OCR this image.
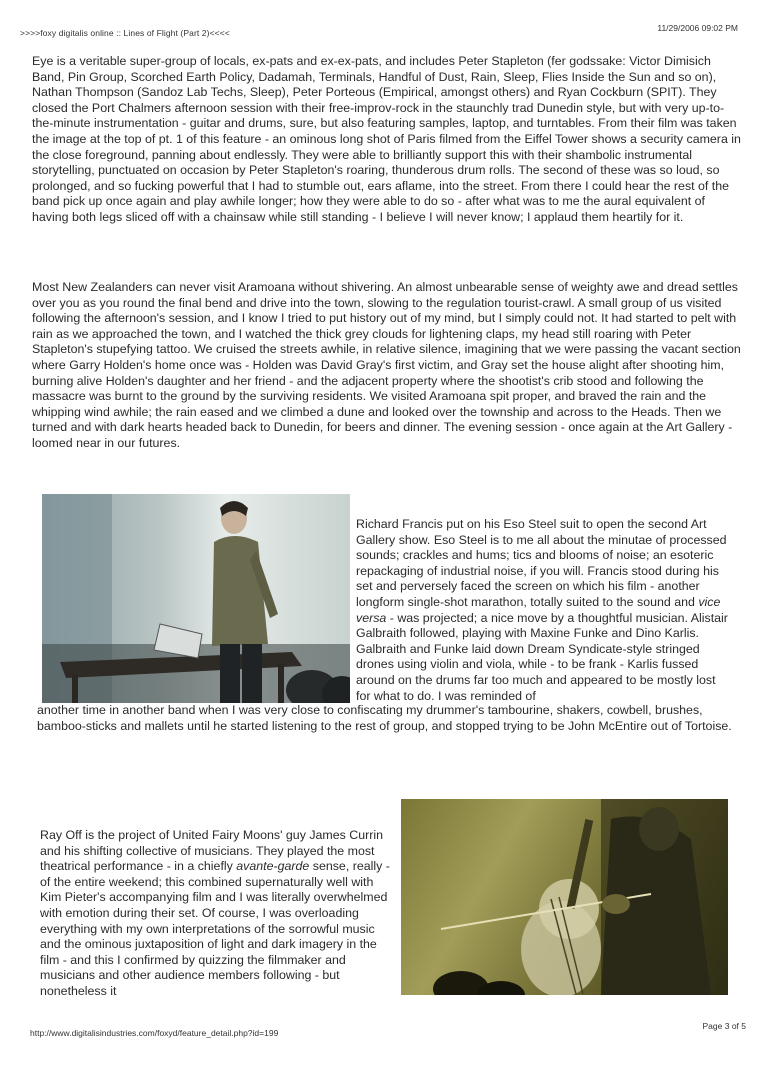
>>>>foxy digitalis online :: Lines of Flight (Part 2)<<<<	11/29/2006 09:02 PM

Eye is a veritable super-group of locals, ex-pats and ex-ex-pats, and includes Peter Stapleton (fer godssake: Victor Dimisich Band, Pin Group, Scorched Earth Policy, Dadamah, Terminals, Handful of Dust, Rain, Sleep, Flies Inside the Sun and so on), Nathan Thompson (Sandoz Lab Techs, Sleep), Peter Porteous (Empirical, amongst others) and Ryan Cockburn (SPIT). They closed the Port Chalmers afternoon session with their free-improv-rock in the staunchly trad Dunedin style, but with very up-to-the-minute instrumentation - guitar and drums, sure, but also featuring samples, laptop, and turntables. From their film was taken the image at the top of pt. 1 of this feature - an ominous long shot of Paris filmed from the Eiffel Tower shows a security camera in the close foreground, panning about endlessly. They were able to brilliantly support this with their shambolic instrumental storytelling, punctuated on occasion by Peter Stapleton's roaring, thunderous drum rolls. The second of these was so loud, so prolonged, and so fucking powerful that I had to stumble out, ears aflame, into the street. From there I could hear the rest of the band pick up once again and play awhile longer; how they were able to do so - after what was to me the aural equivalent of having both legs sliced off with a chainsaw while still standing - I believe I will never know; I applaud them heartily for it.

Most New Zealanders can never visit Aramoana without shivering. An almost unbearable sense of weighty awe and dread settles over you as you round the final bend and drive into the town, slowing to the regulation tourist-crawl. A small group of us visited following the afternoon's session, and I know I tried to put history out of my mind, but I simply could not. It had started to pelt with rain as we approached the town, and I watched the thick grey clouds for lightening claps, my head still roaring with Peter Stapleton's stupefying tattoo. We cruised the streets awhile, in relative silence, imagining that we were passing the vacant section where Garry Holden's home once was - Holden was David Gray's first victim, and Gray set the house alight after shooting him, burning alive Holden's daughter and her friend - and the adjacent property where the shootist's crib stood and following the massacre was burnt to the ground by the surviving residents. We visited Aramoana spit proper, and braved the rain and the whipping wind awhile; the rain eased and we climbed a dune and looked over the township and across to the Heads. Then we turned and with dark hearts headed back to Dunedin, for beers and dinner. The evening session - once again at the Art Gallery - loomed near in our futures.

Richard Francis put on his Eso Steel suit to open the second Art Gallery show. Eso Steel is to me all about the minutae of processed sounds; crackles and hums; tics and blooms of noise; an esoteric repackaging of industrial noise, if you will. Francis stood during his set and perversely faced the screen on which his film - another longform single-shot marathon, totally suited to the sound and vice versa - was projected; a nice move by a thoughtful musician. Alistair Galbraith followed, playing with Maxine Funke and Dino Karlis. Galbraith and Funke laid down Dream Syndicate-style stringed drones using violin and viola, while - to be frank - Karlis fussed around on the drums far too much and appeared to be mostly lost for what to do. I was reminded of

another time in another band when I was very close to confiscating my drummer's tambourine, shakers, cowbell, brushes, bamboo-sticks and mallets until he started listening to the rest of group, and stopped trying to be John McEntire out of Tortoise.

Ray Off is the project of United Fairy Moons' guy James Currin and his shifting collective of musicians. They played the most theatrical performance - in a chiefly avante-garde sense, really - of the entire weekend; this combined supernaturally well with Kim Pieter's accompanying film and I was literally overwhelmed with emotion during their set. Of course, I was overloading everything with my own interpretations of the sorrowful music and the ominous juxtaposition of light and dark imagery in the film - and this I confirmed by quizzing the filmmaker and musicians and other audience members following - but nonetheless it

http://www.digitalisindustries.com/foxyd/feature_detail.php?id=199
Page 3 of 5
